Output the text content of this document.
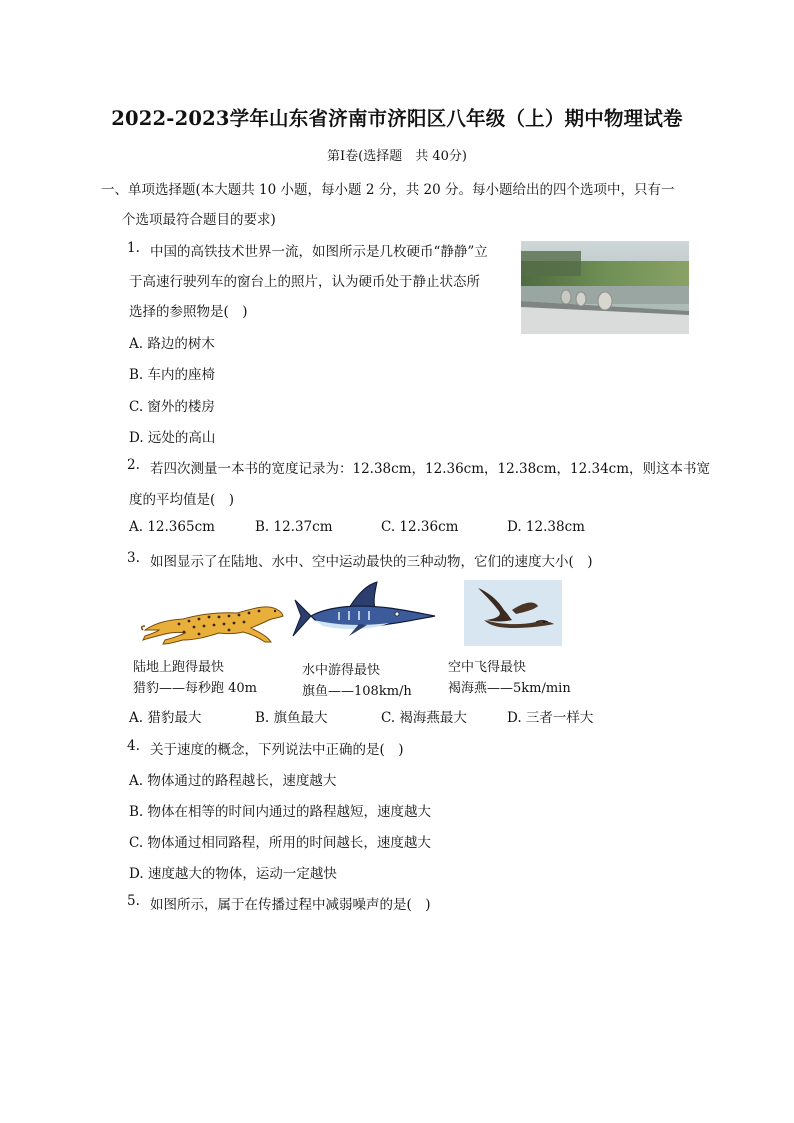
2022-2023学年山东省济南市济阳区八年级（上）期中物理试卷
第Ⅰ卷(选择题　共 40分)
一、单项选择题(本大题共 10 小题，每小题 2 分，共 20 分。每小题给出的四个选项中，只有一
个选项最符合题目的要求)
1. 中国的高铁技术世界一流，如图所示是几枚硬币“静静”立
于高速行驶列车的窗台上的照片，认为硬币处于静止状态所
选择的参照物是(　)
A. 路边的树木
B. 车内的座椅
C. 窗外的楼房
D. 远处的高山
2. 若四次测量一本书的宽度记录为：12.38cm，12.36cm，12.38cm，12.34cm，则这本书宽
度的平均值是(　)
A. 12.365cm	B. 12.37cm	C. 12.36cm	D. 12.38cm
3. 如图显示了在陆地、水中、空中运动最快的三种动物，它们的速度大小(　)
陆地上跑得最快
猎豹——每秒跑 40m
水中游得最快
旗鱼——108km/h
空中飞得最快
褐海燕——5km/min
A. 猎豹最大	B. 旗鱼最大	C. 褐海燕最大	D. 三者一样大
4. 关于速度的概念，下列说法中正确的是(　)
A. 物体通过的路程越长，速度越大
B. 物体在相等的时间内通过的路程越短，速度越大
C. 物体通过相同路程，所用的时间越长，速度越大
D. 速度越大的物体，运动一定越快
5. 如图所示，属于在传播过程中减弱噪声的是(　)
